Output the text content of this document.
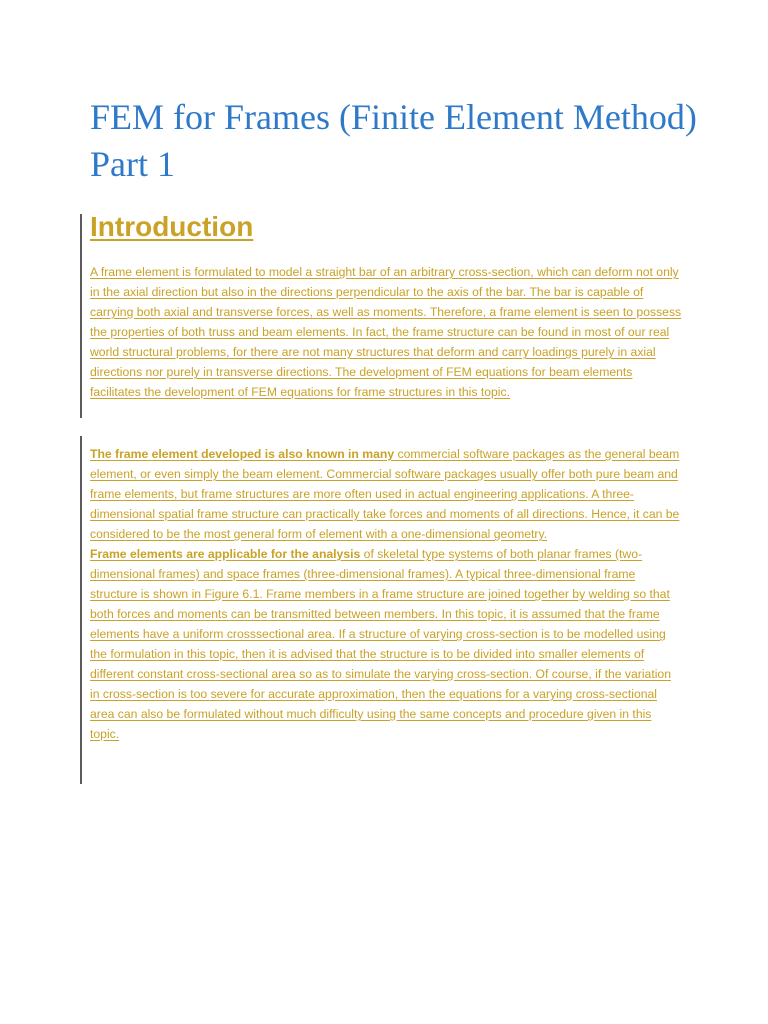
FEM for Frames (Finite Element Method) Part 1
Introduction

A frame element is formulated to model a straight bar of an arbitrary cross-section, which can deform not only in the axial direction but also in the directions perpendicular to the axis of the bar. The bar is capable of carrying both axial and transverse forces, as well as moments. Therefore, a frame element is seen to possess the properties of both truss and beam elements. In fact, the frame structure can be found in most of our real world structural problems, for there are not many structures that deform and carry loadings purely in axial directions nor purely in transverse directions. The development of FEM equations for beam elements facilitates the development of FEM equations for frame structures in this topic.

The frame element developed is also known in many commercial software packages as the general beam element, or even simply the beam element. Commercial software packages usually offer both pure beam and frame elements, but frame structures are more often used in actual engineering applications. A three-dimensional spatial frame structure can practically take forces and moments of all directions. Hence, it can be considered to be the most general form of element with a one-dimensional geometry.

Frame elements are applicable for the analysis of skeletal type systems of both planar frames (two-dimensional frames) and space frames (three-dimensional frames). A typical three-dimensional frame structure is shown in Figure 6.1. Frame members in a frame structure are joined together by welding so that both forces and moments can be transmitted between members. In this topic, it is assumed that the frame elements have a uniform crosssectional area. If a structure of varying cross-section is to be modelled using the formulation in this topic, then it is advised that the structure is to be divided into smaller elements of different constant cross-sectional area so as to simulate the varying cross-section. Of course, if the variation in cross-section is too severe for accurate approximation, then the equations for a varying cross-sectional area can also be formulated without much difficulty using the same concepts and procedure given in this topic.
